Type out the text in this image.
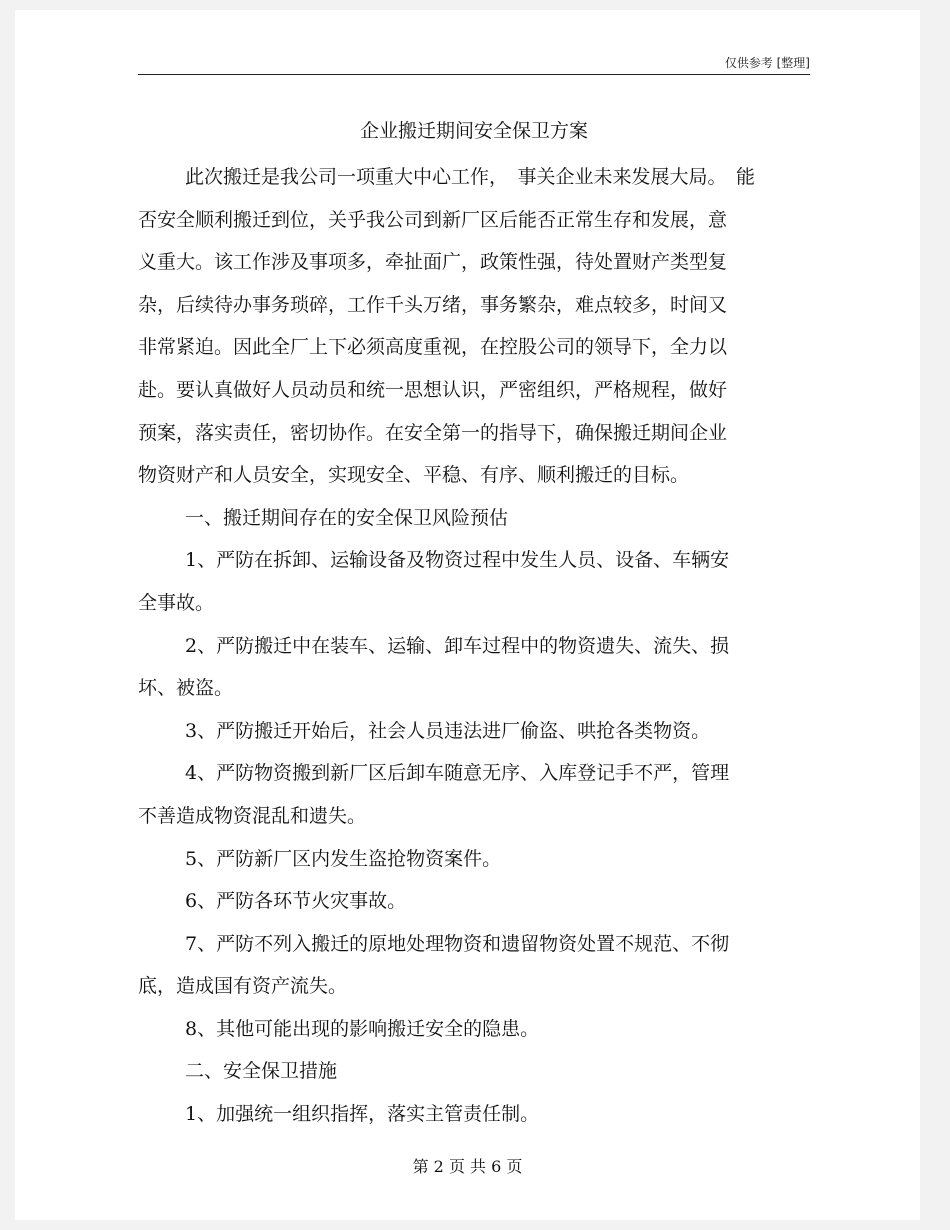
仅供参考 [整理]
企业搬迁期间安全保卫方案
此次搬迁是我公司一项重大中心工作，　事关企业未来发展大局。　能
否安全顺利搬迁到位，关乎我公司到新厂区后能否正常生存和发展，意
义重大。该工作涉及事项多，牵扯面广，政策性强，待处置财产类型复
杂，后续待办事务琐碎，工作千头万绪，事务繁杂，难点较多，时间又
非常紧迫。因此全厂上下必须高度重视，在控股公司的领导下，全力以
赴。要认真做好人员动员和统一思想认识，严密组织，严格规程，做好
预案，落实责任，密切协作。在安全第一的指导下，确保搬迁期间企业
物资财产和人员安全，实现安全、平稳、有序、顺利搬迁的目标。
一、搬迁期间存在的安全保卫风险预估
1、严防在拆卸、运输设备及物资过程中发生人员、设备、车辆安
全事故。
2、严防搬迁中在装车、运输、卸车过程中的物资遗失、流失、损
坏、被盗。
3、严防搬迁开始后，社会人员违法进厂偷盗、哄抢各类物资。
4、严防物资搬到新厂区后卸车随意无序、入库登记手不严，管理
不善造成物资混乱和遗失。
5、严防新厂区内发生盗抢物资案件。
6、严防各环节火灾事故。
7、严防不列入搬迁的原地处理物资和遗留物资处置不规范、不彻
底，造成国有资产流失。
8、其他可能出现的影响搬迁安全的隐患。
二、安全保卫措施
1、加强统一组织指挥，落实主管责任制。
第 2 页 共 6 页
